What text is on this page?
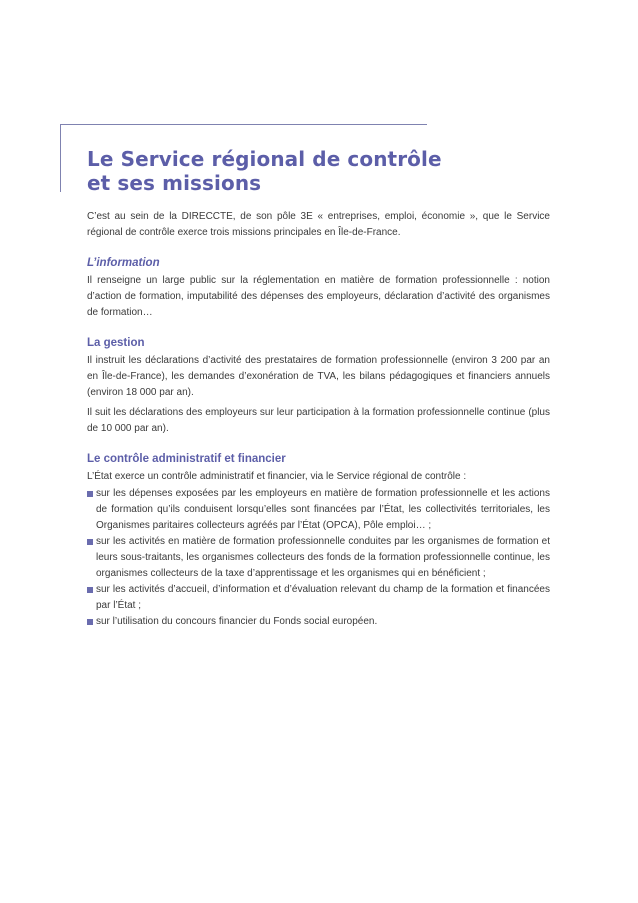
Le Service régional de contrôle
et ses missions

C’est au sein de la DIRECCTE, de son pôle 3E « entreprises, emploi, économie », que le Service régional de contrôle exerce trois missions principales en Île-de-France.

L’information

Il renseigne un large public sur la réglementation en matière de formation professionnelle : notion d’action de formation, imputabilité des dépenses des employeurs, déclaration d’activité des organismes de formation…

La gestion

Il instruit les déclarations d’activité des prestataires de formation professionnelle (environ 3 200 par an en Île-de-France), les demandes d’exonération de TVA, les bilans pédagogiques et financiers annuels (environ 18 000 par an).

Il suit les déclarations des employeurs sur leur participation à la formation professionnelle continue (plus de 10 000 par an).

Le contrôle administratif et financier

L’État exerce un contrôle administratif et financier, via le Service régional de contrôle :

sur les dépenses exposées par les employeurs en matière de formation professionnelle et les actions de formation qu’ils conduisent lorsqu’elles sont financées par l’État, les collectivités territoriales, les Organismes paritaires collecteurs agréés par l’État (OPCA), Pôle emploi… ;
sur les activités en matière de formation professionnelle conduites par les organismes de formation et leurs sous-traitants, les organismes collecteurs des fonds de la formation professionnelle continue, les organismes collecteurs de la taxe d’apprentissage et les organismes qui en bénéficient ;
sur les activités d’accueil, d’information et d’évaluation relevant du champ de la formation et financées par l’État ;
sur l’utilisation du concours financier du Fonds social européen.
